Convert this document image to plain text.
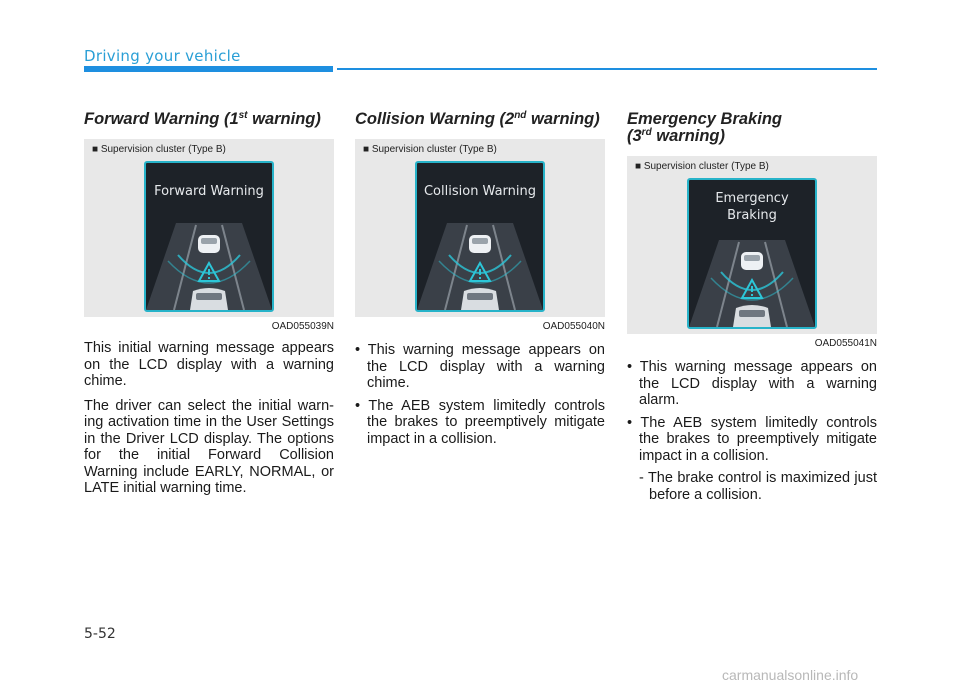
Driving your vehicle
Forward Warning (1st warning)
■ Supervision cluster (Type B)
Forward Warning
OAD055039N

This initial warning message appears on the LCD display with a warning chime.

The driver can select the initial warn-ing activation time in the User Settings in the Driver LCD display. The options for the initial Forward Collision Warning include EARLY, NORMAL, or LATE initial warning time.

Collision Warning (2nd warning)
■ Supervision cluster (Type B)
Collision Warning
OAD055040N
• This warning message appears on the LCD display with a warning chime.
• The AEB system limitedly controls the brakes to preemptively mitigate impact in a collision.
Emergency Braking
(3rd warning)
■ Supervision cluster (Type B)
Emergency
Braking
OAD055041N
• This warning message appears on the LCD display with a warning alarm.
• The AEB system limitedly controls the brakes to preemptively mitigate impact in a collision.
- The brake control is maximized just before a collision.
5-52
carmanualsonline.info
